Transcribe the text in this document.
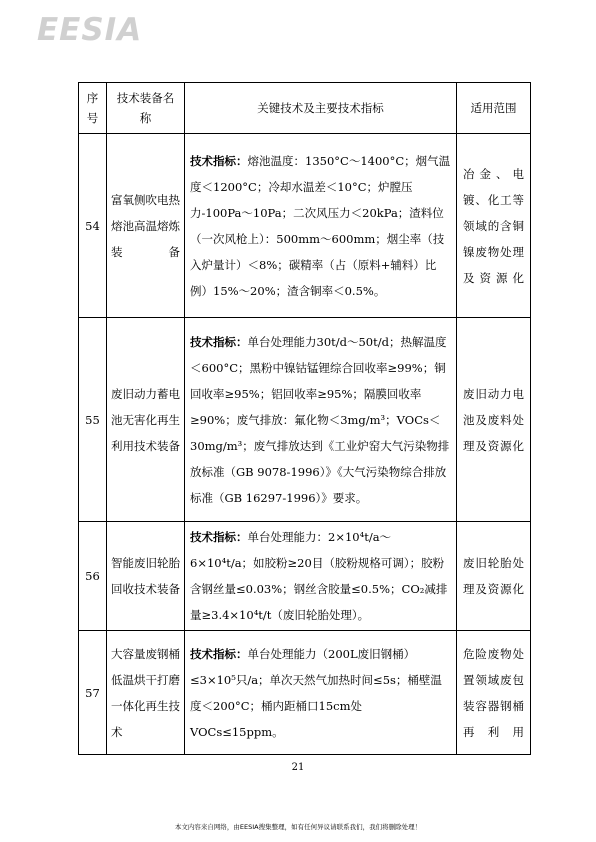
EESIA
序号	技术装备名称	关键技术及主要技术指标	适用范围
54	富氧侧吹电热熔池高温熔炼装备	技术指标：熔池温度：1350°C～1400°C；烟气温度＜1200°C；冷却水温差＜10°C；炉膛压力-100Pa～10Pa；二次风压力＜20kPa；渣料位（一次风枪上）：500mm～600mm；烟尘率（技入炉量计）＜8%；碳精率（占（原料+辅料）比例）15%～20%；渣含铜率＜0.5%。	冶金、电镀、化工等领域的含铜镍废物处理及资源化
55	废旧动力蓄电池无害化再生利用技术装备	技术指标：单台处理能力30t/d～50t/d；热解温度＜600°C；黑粉中镍钴锰锂综合回收率≥99%；铜回收率≥95%；铝回收率≥95%；隔膜回收率≥90%；废气排放：氟化物＜3mg/m³；VOCs＜30mg/m³；废气排放达到《工业炉窑大气污染物排放标准（GB 9078-1996）》《大气污染物综合排放标准（GB 16297-1996）》要求。	废旧动力电池及废料处理及资源化
56	智能废旧轮胎回收技术装备	技术指标：单台处理能力：2×10⁴t/a～6×10⁴t/a；如胶粉≥20目（胶粉规格可调）；胶粉含钢丝量≤0.03%；钢丝含胶量≤0.5%；CO₂减排量≥3.4×10⁴t/t（废旧轮胎处理）。	废旧轮胎处理及资源化
57	大容量废钢桶低温烘干打磨一体化再生技术	技术指标：单台处理能力（200L废旧钢桶）≤3×10⁵只/a；单次天然气加热时间≤5s；桶壁温度＜200°C；桶内距桶口15cm处VOCs≤15ppm。	危险废物处置领域废包装容器钢桶再利用
21
本文内容来自网络，由EESIA搜集整理，如有任何异议请联系我们，我们将删除处理！
